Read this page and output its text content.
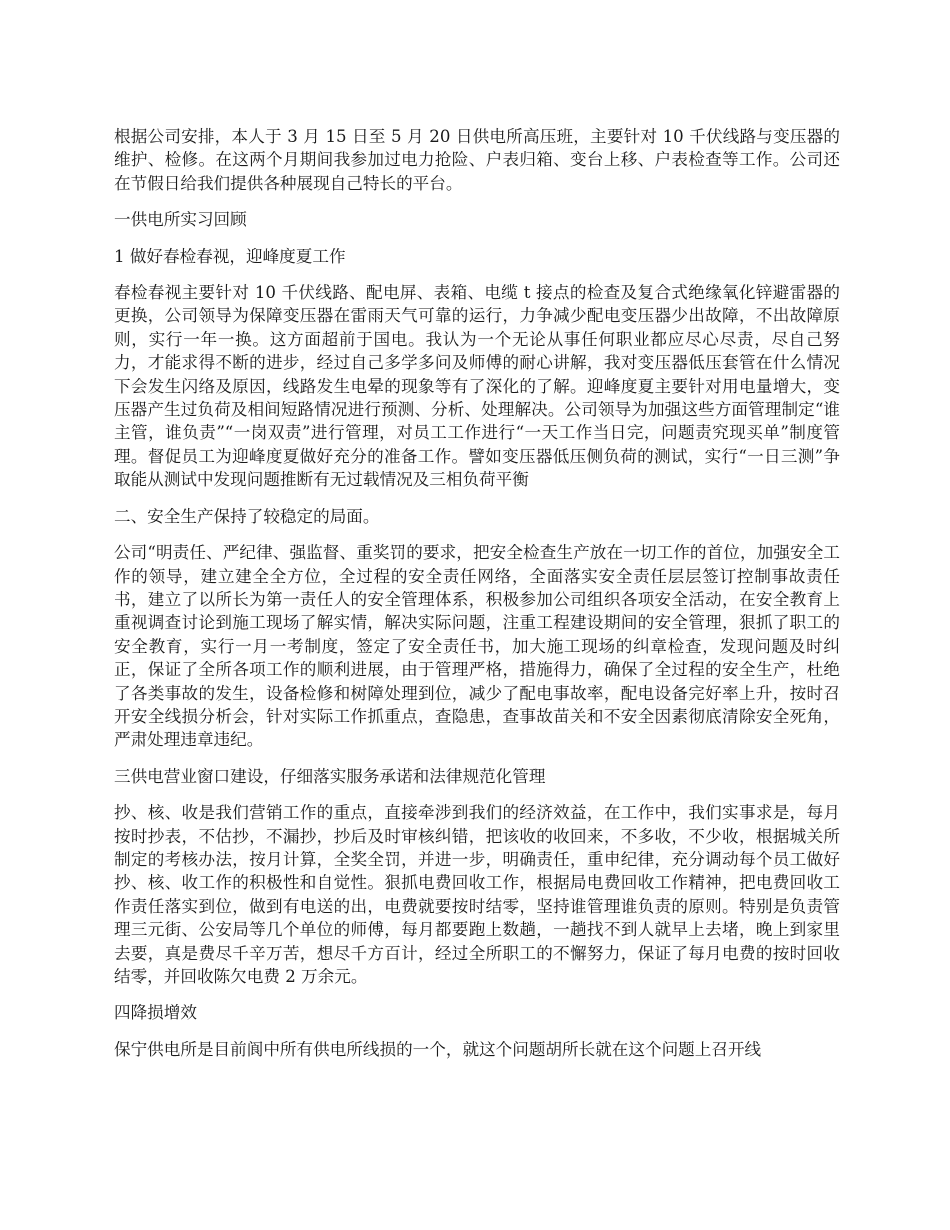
根据公司安排，本人于 3 月 15 日至 5 月 20 日供电所高压班，主要针对 10 千伏线路与变压器的维护、检修。在这两个月期间我参加过电力抢险、户表归箱、变台上移、户表检查等工作。公司还在节假日给我们提供各种展现自己特长的平台。

一供电所实习回顾

1 做好春检春视，迎峰度夏工作

春检春视主要针对 10 千伏线路、配电屏、表箱、电缆 t 接点的检查及复合式绝缘氧化锌避雷器的更换，公司领导为保障变压器在雷雨天气可靠的运行，力争减少配电变压器少出故障，不出故障原则，实行一年一换。这方面超前于国电。我认为一个无论从事任何职业都应尽心尽责，尽自己努力，才能求得不断的进步，经过自己多学多问及师傅的耐心讲解，我对变压器低压套管在什么情况下会发生闪络及原因，线路发生电晕的现象等有了深化的了解。迎峰度夏主要针对用电量增大，变压器产生过负荷及相间短路情况进行预测、分析、处理解决。公司领导为加强这些方面管理制定“谁主管，谁负责”“一岗双责”进行管理，对员工工作进行“一天工作当日完，问题责究现买单”制度管理。督促员工为迎峰度夏做好充分的准备工作。譬如变压器低压侧负荷的测试，实行“一日三测”争取能从测试中发现问题推断有无过载情况及三相负荷平衡

二、安全生产保持了较稳定的局面。

公司“明责任、严纪律、强监督、重奖罚的要求，把安全检查生产放在一切工作的首位，加强安全工作的领导，建立建全全方位，全过程的安全责任网络，全面落实安全责任层层签订控制事故责任书，建立了以所长为第一责任人的安全管理体系，积极参加公司组织各项安全活动，在安全教育上重视调查讨论到施工现场了解实情，解决实际问题，注重工程建设期间的安全管理，狠抓了职工的安全教育，实行一月一考制度，签定了安全责任书，加大施工现场的纠章检查，发现问题及时纠正，保证了全所各项工作的顺利进展，由于管理严格，措施得力，确保了全过程的安全生产，杜绝了各类事故的发生，设备检修和树障处理到位，减少了配电事故率，配电设备完好率上升，按时召开安全线损分析会，针对实际工作抓重点，查隐患，查事故苗关和不安全因素彻底清除安全死角，严肃处理违章违纪。

三供电营业窗口建设，仔细落实服务承诺和法律规范化管理

抄、核、收是我们营销工作的重点，直接牵涉到我们的经济效益，在工作中，我们实事求是，每月按时抄表，不估抄，不漏抄，抄后及时审核纠错，把该收的收回来，不多收，不少收，根据城关所制定的考核办法，按月计算，全奖全罚，并进一步，明确责任，重申纪律，充分调动每个员工做好抄、核、收工作的积极性和自觉性。狠抓电费回收工作，根据局电费回收工作精神，把电费回收工作责任落实到位，做到有电送的出，电费就要按时结零，坚持谁管理谁负责的原则。特别是负责管理三元街、公安局等几个单位的师傅，每月都要跑上数趟，一趟找不到人就早上去堵，晚上到家里去要，真是费尽千辛万苦，想尽千方百计，经过全所职工的不懈努力，保证了每月电费的按时回收结零，并回收陈欠电费 2 万余元。

四降损增效

保宁供电所是目前阆中所有供电所线损的一个，就这个问题胡所长就在这个问题上召开线
